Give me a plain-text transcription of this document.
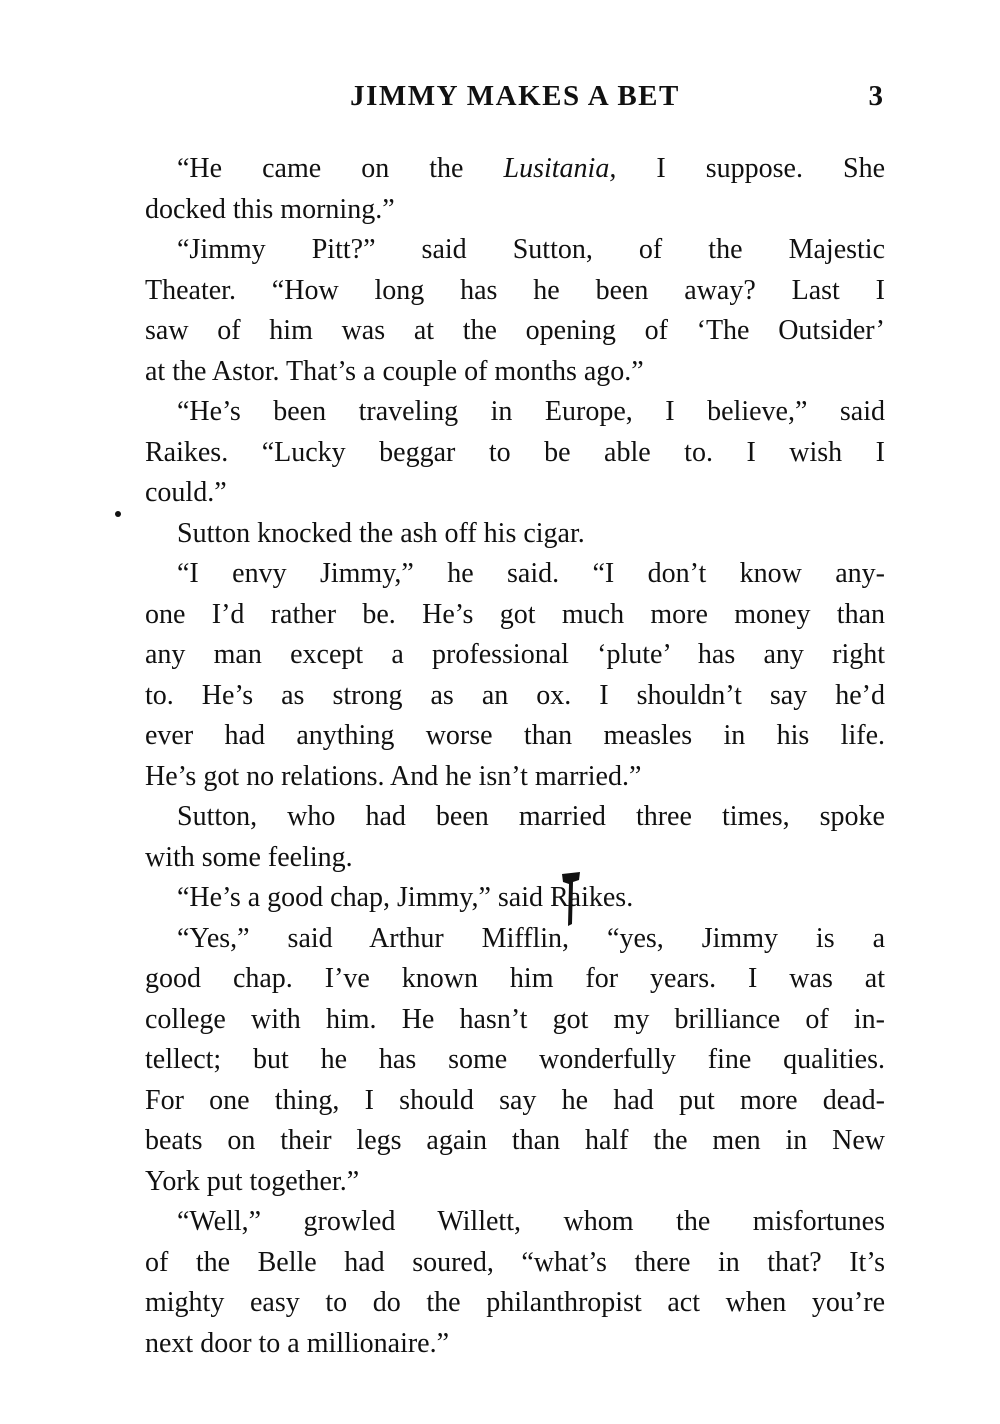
JIMMY MAKES A BET	3
“He came on the Lusitania, I suppose. She
docked this morning.”
“Jimmy Pitt?” said Sutton, of the Majestic
Theater. “How long has he been away? Last I
saw of him was at the opening of ‘The Outsider’
at the Astor. That’s a couple of months ago.”
“He’s been traveling in Europe, I believe,” said
Raikes. “Lucky beggar to be able to. I wish I
could.”
Sutton knocked the ash off his cigar.
“I envy Jimmy,” he said. “I don’t know any-
one I’d rather be. He’s got much more money than
any man except a professional ‘plute’ has any right
to. He’s as strong as an ox. I shouldn’t say he’d
ever had anything worse than measles in his life.
He’s got no relations. And he isn’t married.”
Sutton, who had been married three times, spoke
with some feeling.
“He’s a good chap, Jimmy,” said Raikes.
“Yes,” said Arthur Mifflin, “yes, Jimmy is a
good chap. I’ve known him for years. I was at
college with him. He hasn’t got my brilliance of in-
tellect; but he has some wonderfully fine qualities.
For one thing, I should say he had put more dead-
beats on their legs again than half the men in New
York put together.”
“Well,” growled Willett, whom the misfortunes
of the Belle had soured, “what’s there in that? It’s
mighty easy to do the philanthropist act when you’re
next door to a millionaire.”
